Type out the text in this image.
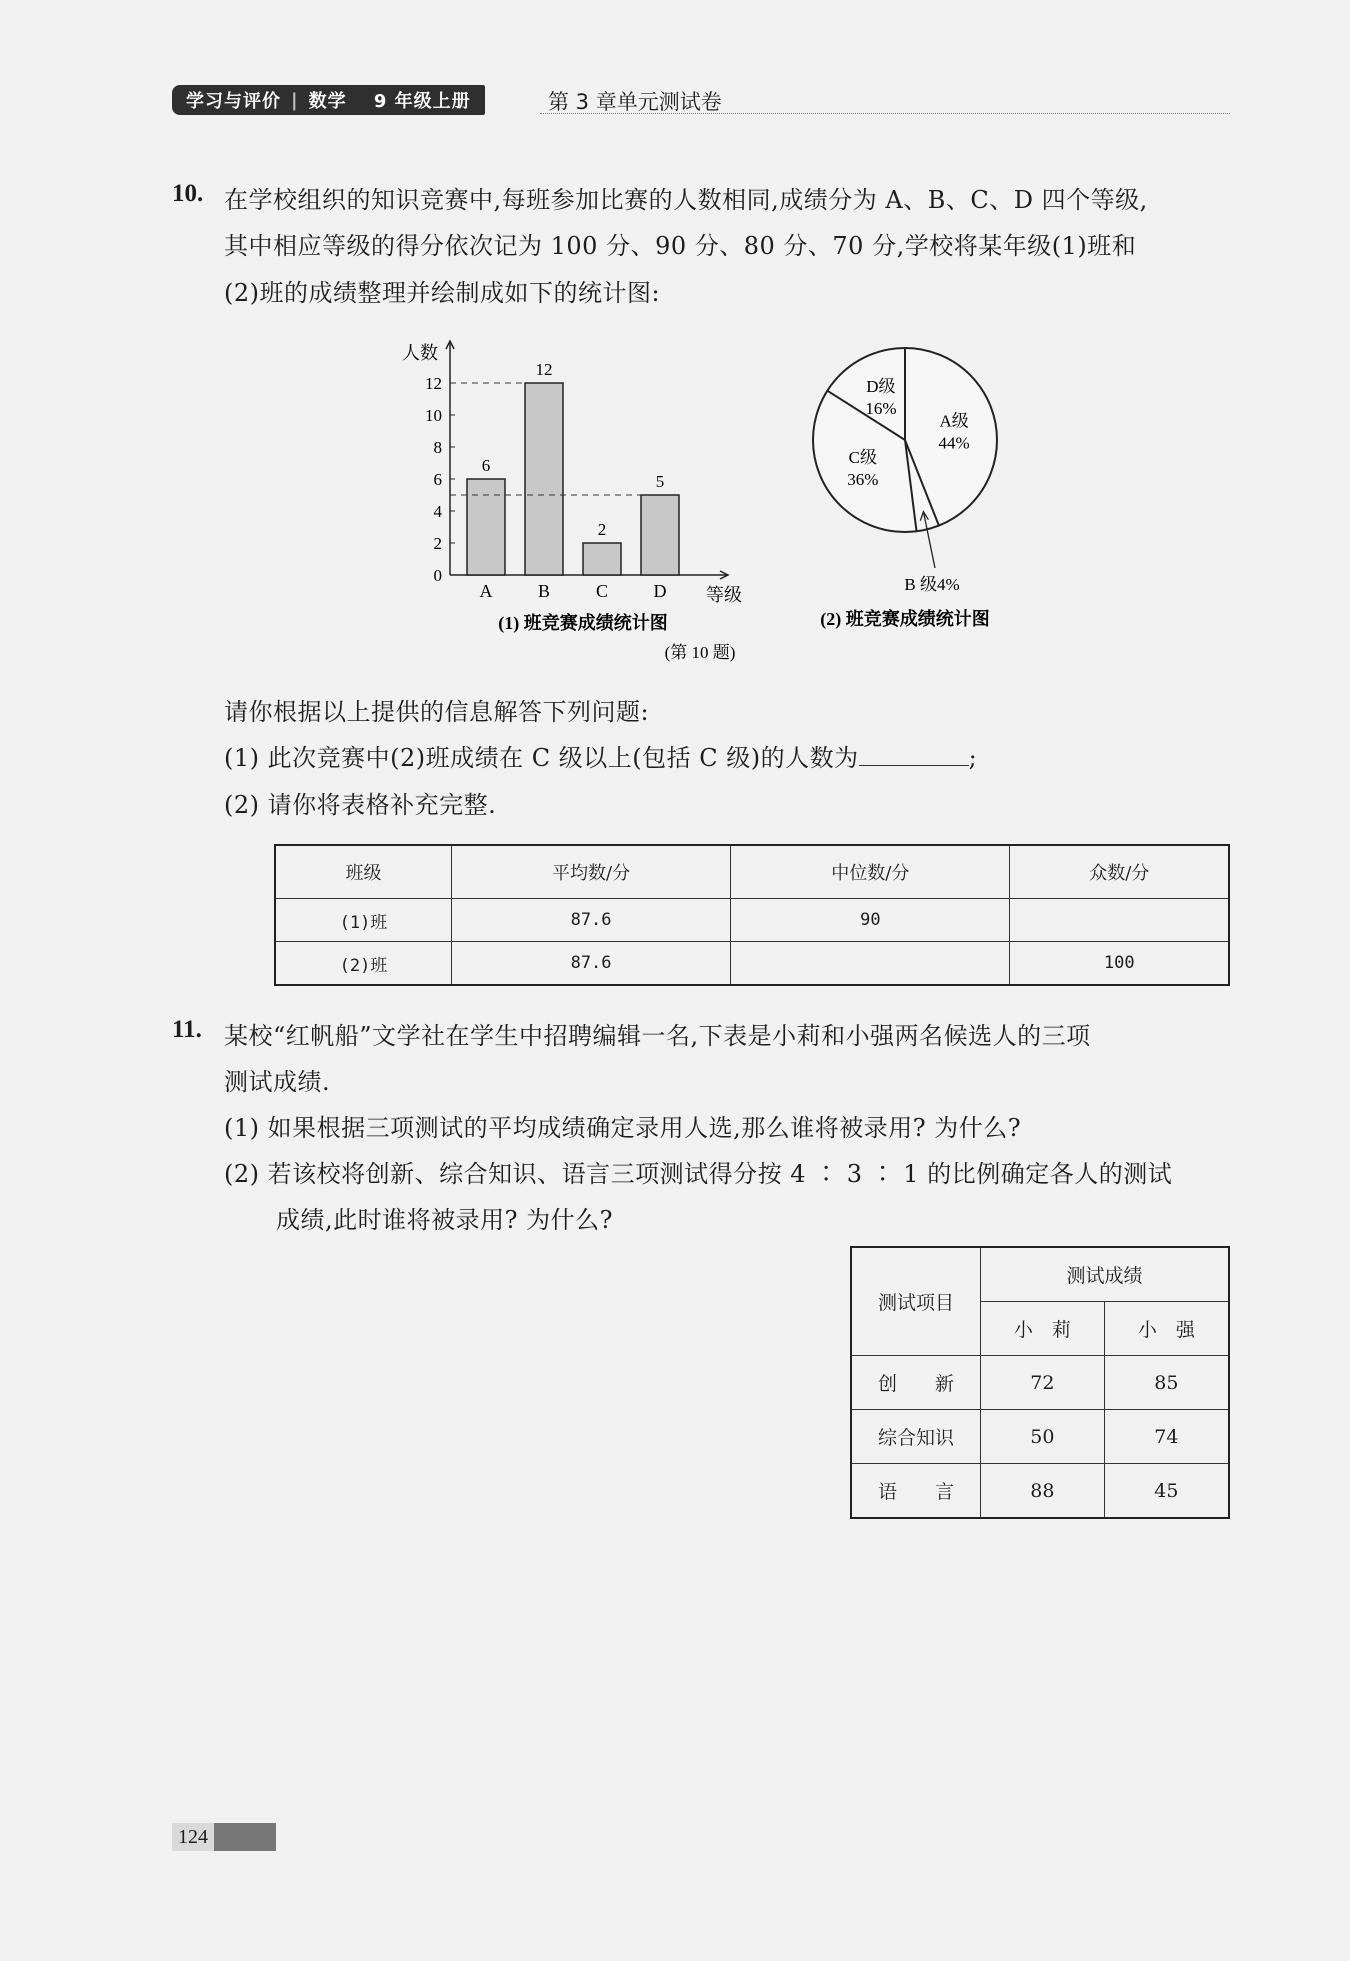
学习与评价 | 数学
9 年级上册	第 3 章单元测试卷
10. 在学校组织的知识竞赛中,每班参加比赛的人数相同,成绩分为 A、B、C、D 四个等级,
其中相应等级的得分依次记为 100 分、90 分、80 分、70 分,学校将某年级(1)班和
(2)班的成绩整理并绘制成如下的统计图:
人数
等级
0
2
4
6
8
10
12
6
A
12
B
2
C
5
D
(1) 班竞赛成绩统计图
(第 10 题)
A级
44%
C级
36%
D级
16%
B 级4%
(2) 班竞赛成绩统计图
请你根据以上提供的信息解答下列问题:
(1) 此次竞赛中(2)班成绩在 C 级以上(包括 C 级)的人数为	;
(2) 请你将表格补充完整.
班级	平均数/分	中位数/分	众数/分
(1)班	87.6	90	
(2)班	87.6		100
11. 某校“红帆船”文学社在学生中招聘编辑一名,下表是小莉和小强两名候选人的三项
测试成绩.
(1) 如果根据三项测试的平均成绩确定录用人选,那么谁将被录用? 为什么?
(2) 若该校将创新、综合知识、语言三项测试得分按 4 ∶ 3 ∶ 1 的比例确定各人的测试
成绩,此时谁将被录用? 为什么?
测试项目	测试成绩	
	小　莉	小　强
创　　新	72	85
综合知识	50	74
语　　言	88	45
124
